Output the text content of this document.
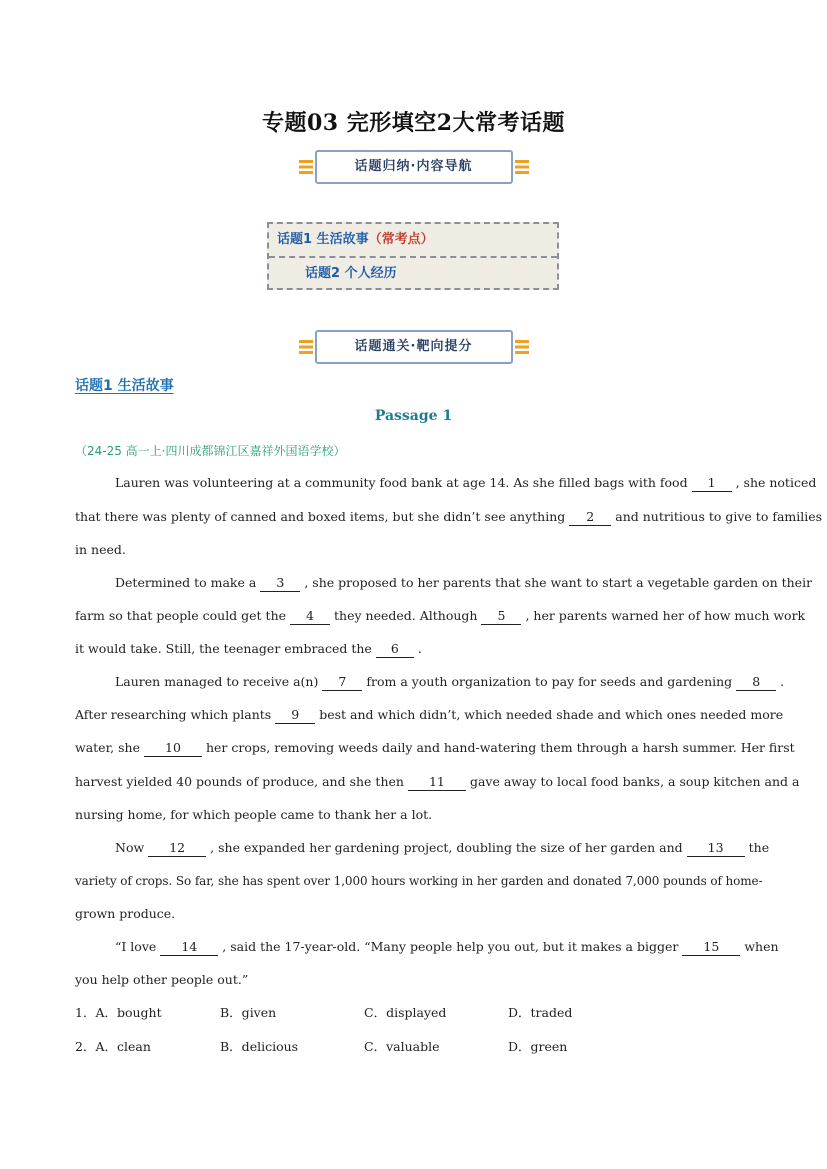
专题03 完形填空2大常考话题
话题归纳·内容导航
话题1 生活故事（常考点）
话题2 个人经历
话题通关·靶向提分
话题1 生活故事
Passage 1
（24-25 高一上·四川成都锦江区嘉祥外国语学校）
Lauren was volunteering at a community food bank at age 14. As she filled bags with food	1 , she noticed
that there was plenty of canned and boxed items, but she didn’t see anything	2	and nutritious to give to families
in need.
Determined to make a	3	, she proposed to her parents that she want to start a vegetable garden on their
farm so that people could get the	4	they needed. Although	5	, her parents warned her of how much work
it would take. Still, the teenager embraced the 6 .
Lauren managed to receive a(n)	7	from a youth organization to pay for seeds and gardening	8 .
After researching which plants	9	best and which didn’t, which needed shade and which ones needed more
water, she	10	her crops, removing weeds daily and hand-watering them through a harsh summer. Her first
harvest yielded 40 pounds of produce, and she then	11	gave away to local food banks, a soup kitchen and a
nursing home, for which people came to thank her a lot.
Now	12	, she expanded her gardening project, doubling the size of her garden and	13	the
variety of crops. So far, she has spent over 1,000 hours working in her garden and donated 7,000 pounds of home-
grown produce.
“I love	14 , said the 17-year-old. “Many people help you out, but it makes a bigger	15	when
you help other people out.”
1．A．bought	B．given	C．displayed	D．traded
2．A．clean	B．delicious	C．valuable	D．green
